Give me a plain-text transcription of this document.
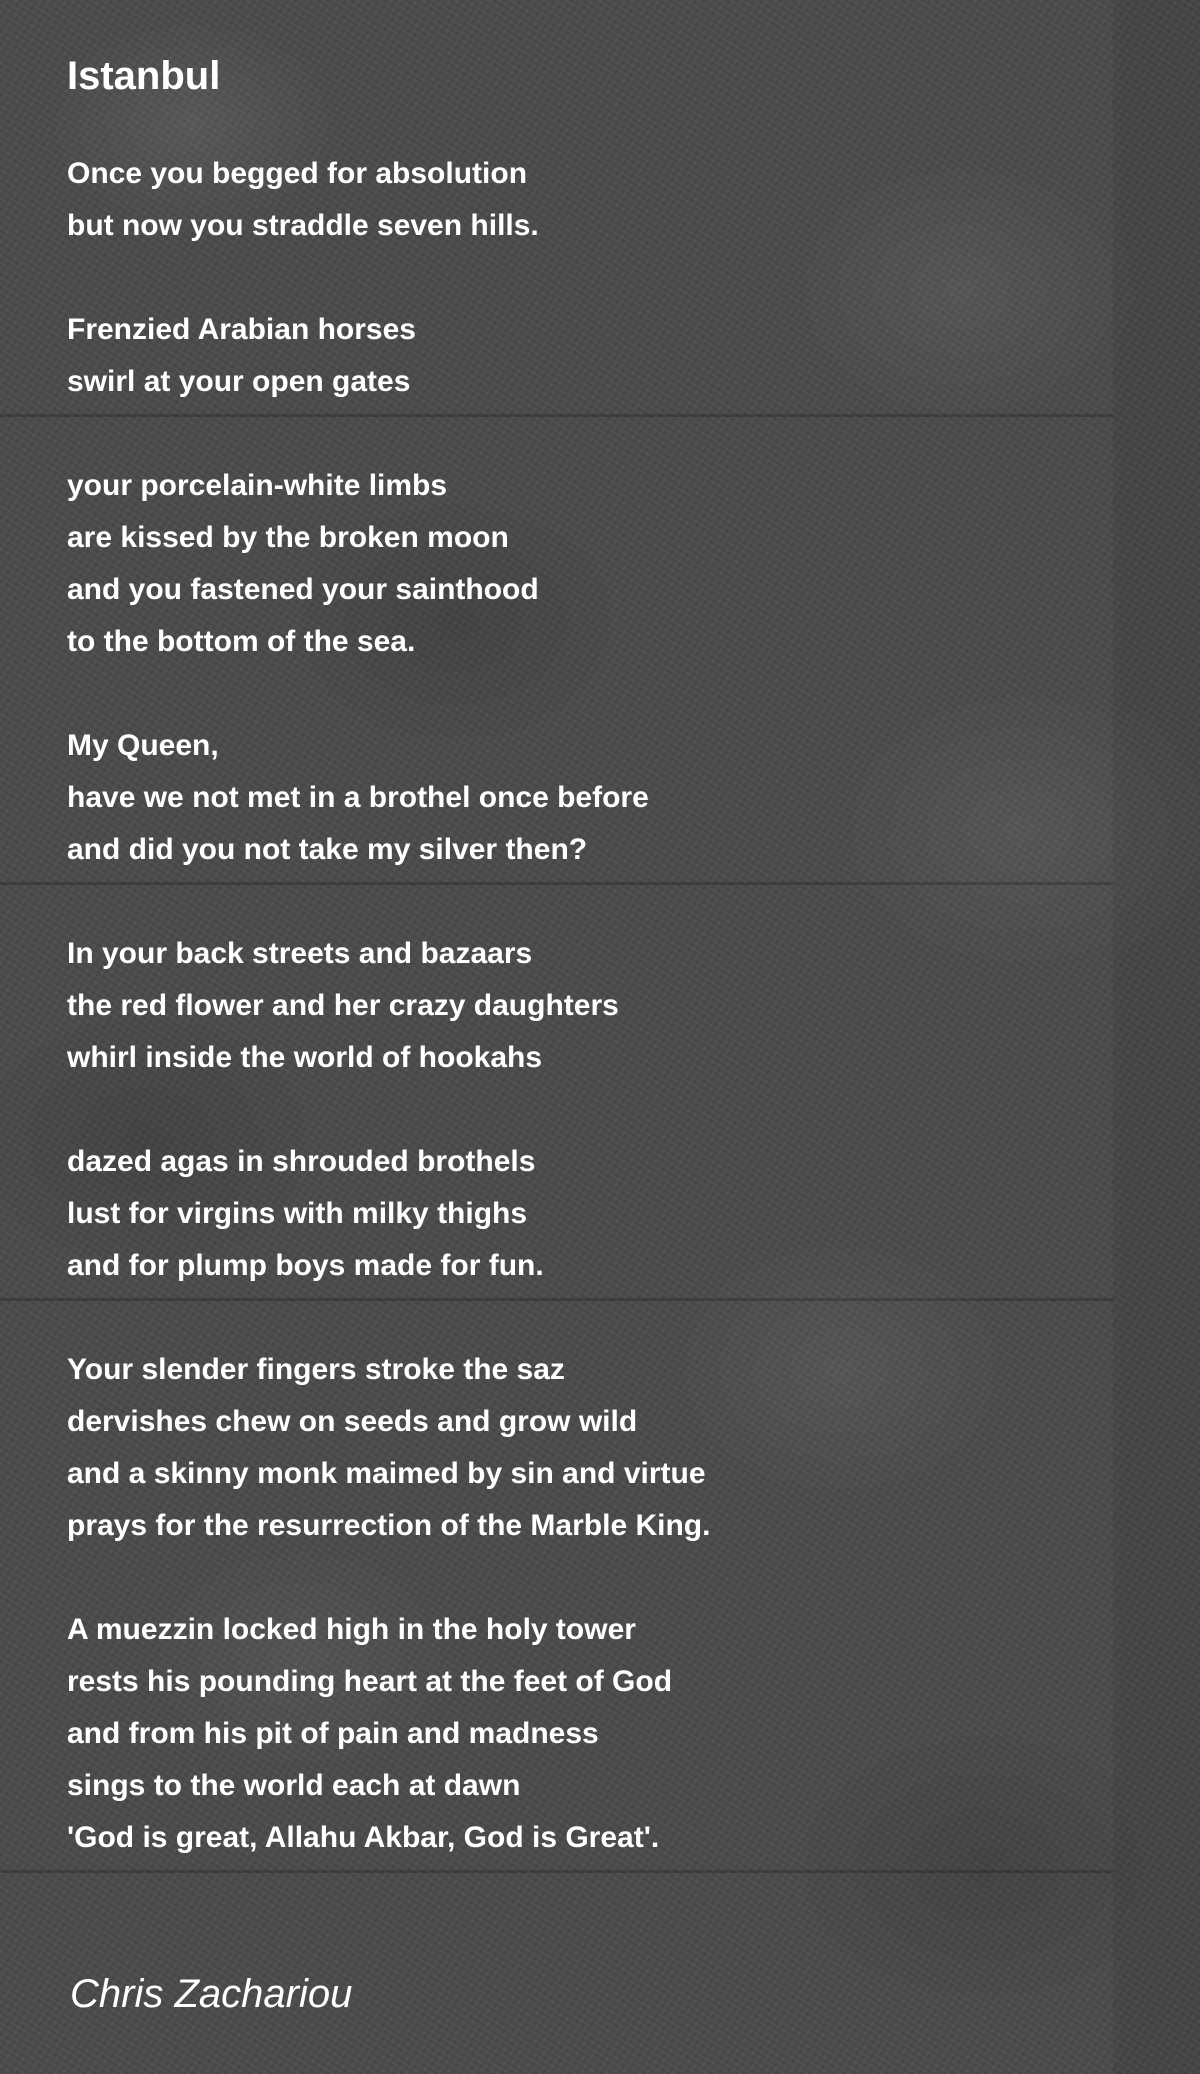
Istanbul
Once you begged for absolution
but now you straddle seven hills.
Frenzied Arabian horses
swirl at your open gates
your porcelain-white limbs
are kissed by the broken moon
and you fastened your sainthood
to the bottom of the sea.
My Queen,
have we not met in a brothel once before
and did you not take my silver then?
In your back streets and bazaars
the red flower and her crazy daughters
whirl inside the world of hookahs
dazed agas in shrouded brothels
lust for virgins with milky thighs
and for plump boys made for fun.
Your slender fingers stroke the saz
dervishes chew on seeds and grow wild
and a skinny monk maimed by sin and virtue
prays for the resurrection of the Marble King.
A muezzin locked high in the holy tower
rests his pounding heart at the feet of God
and from his pit of pain and madness
sings to the world each at dawn
'God is great, Allahu Akbar, God is Great'.

Chris Zachariou
